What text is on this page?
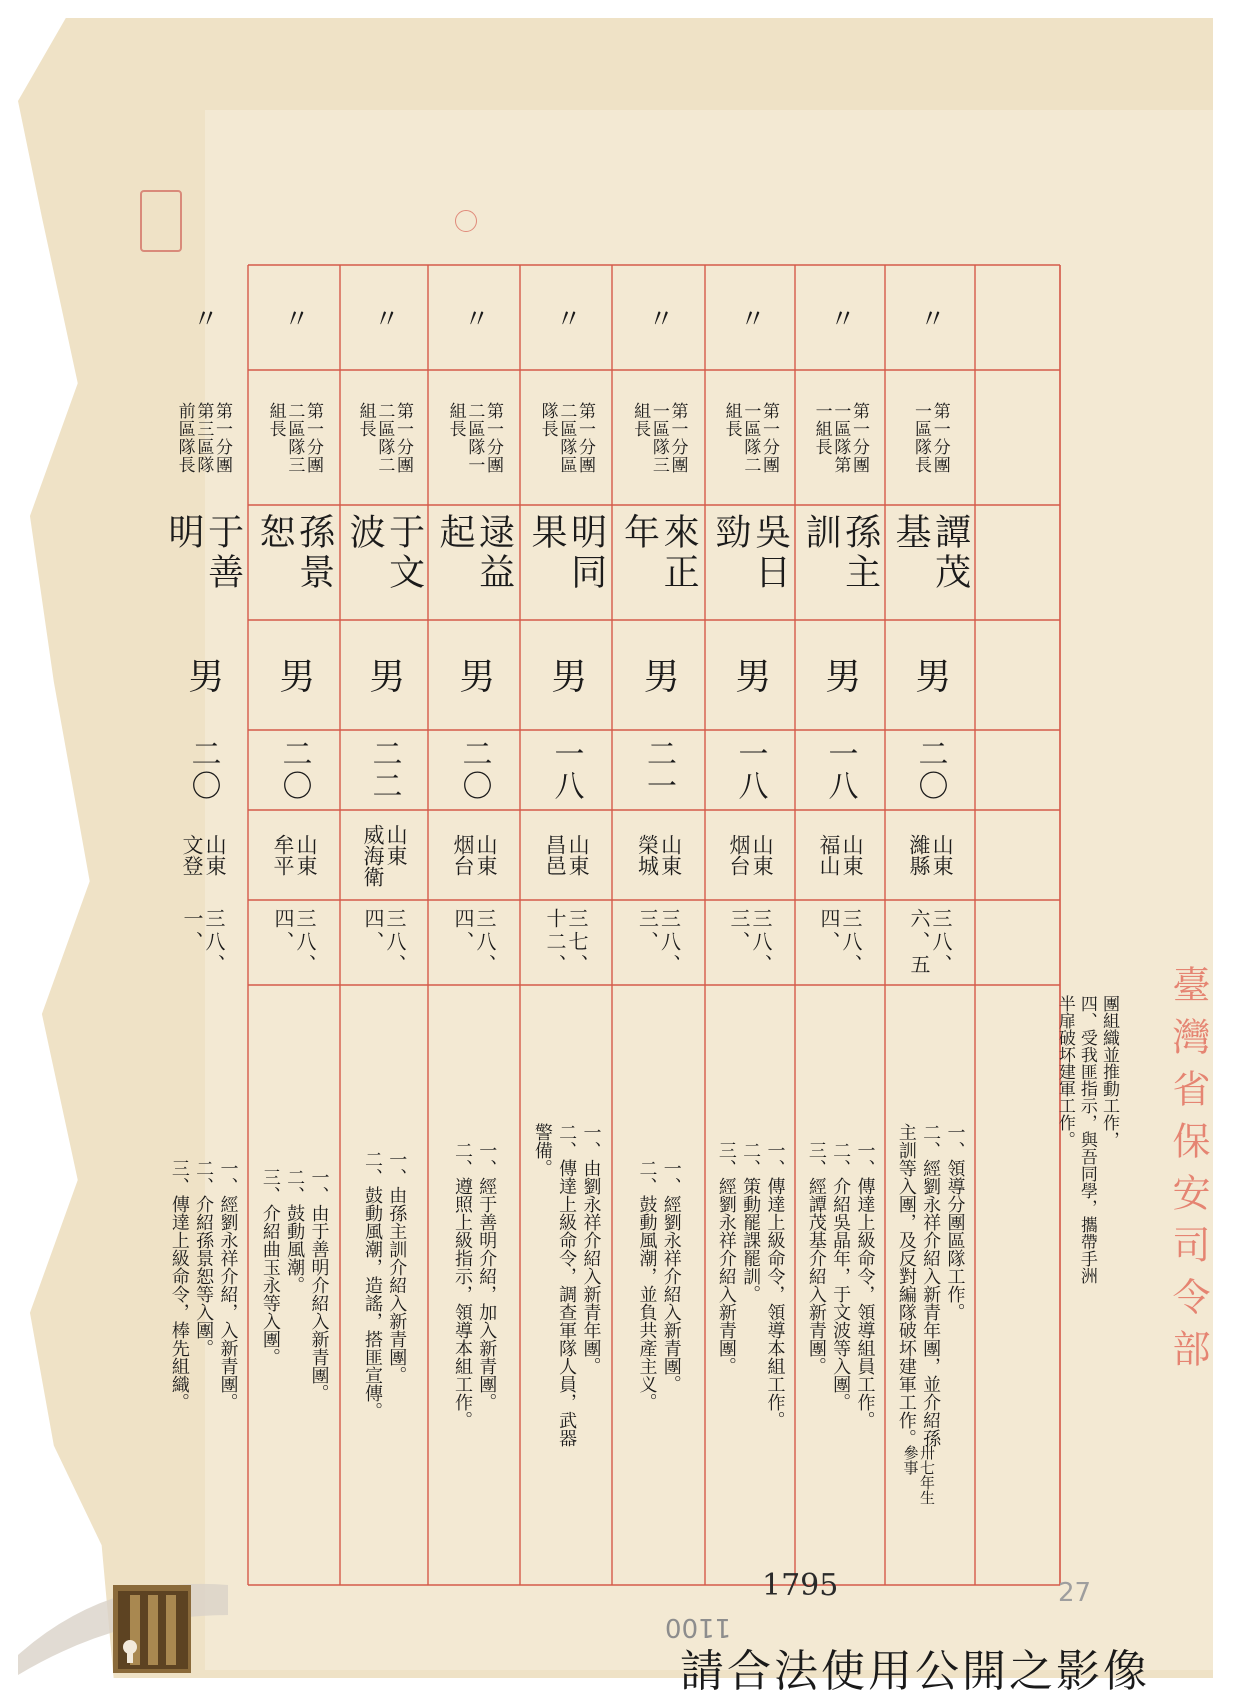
〃
第一分團
一區隊長
譚茂基
男
二〇
山東
濰縣
三八、六、五
一、領導分團區隊工作。
二、經劉永祥介紹入新青年團，並介紹孫
主訓等入團，及反對編隊破坏建軍工作。
〃
第一分團
一區隊第
一組長
孫主訓
男
一八
山東
福山
三八、四、
一、傳達上級命令，領導組員工作。
二、介紹吳晶年，于文波等入團。
三、經譚茂基介紹入新青團。
〃
第一分團
一區隊二
組長
吳日勁
男
一八
山東
烟台
三八、三、
一、傳達上級命令，領導本組工作。
二、策動罷課罷訓。
三、經劉永祥介紹入新青團。
〃
第一分團
一區隊三
組長
來正年
男
二一
山東
榮城
三八、三、
一、經劉永祥介紹入新青團。
二、鼓動風潮，並負共產主义。
〃
第一分團
二區隊區
隊長
明同果
男
一八
山東
昌邑
三七、十二、
一、由劉永祥介紹入新青年團。
二、傳達上級命令，調查軍隊人員，武器
警備。
〃
第一分團
二區隊一
組長
逯益起
男
二〇
山東
烟台
三八、四、
一、經于善明介紹，加入新青團。
二、遵照上級指示，領導本組工作。
〃
第一分團
二區隊二
組長
于文波
男
二二
山東
威海衛
三八、四、
一、由孫主訓介紹入新青團。
二、鼓動風潮，造謠，搭匪宣傳。
〃
第一分團
二區隊三
組長
孫景恕
男
二〇
山東
牟平
三八、四、
一、由于善明介紹入新青團。
二、鼓動風潮。
三、介紹曲玉永等入團。
〃
第一分團
第三區隊
前區隊長
于善明
男
二〇
山東
文登
三八、一、
一、經劉永祥介紹，入新青團。
二、介紹孫景恕等入團。
三、傳達上級命令，棒先組織。
團組織並推動工作，
四、受我匪指示，與吾同學，攜帶手洲
半扉破坏建軍工作。
卅七年生
參事
臺灣省保安司令部
1795	27
1100
請合法使用公開之影像
